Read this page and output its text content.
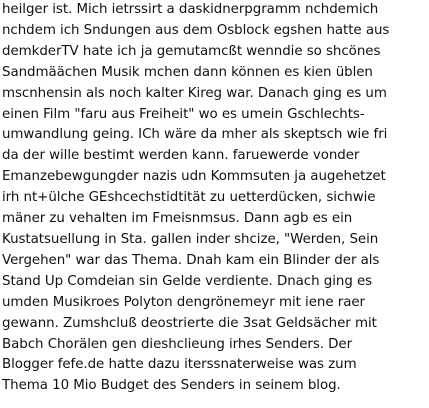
heilger ist. Mich ietrssirt a daskidnerpgramm nchdemich
nchdem ich Sndungen aus dem Osblock egshen hatte aus
demkderTV hate ich ja gemutamcßt wenndie so shcönes
Sandmäächen Musik mchen dann können es kien üblen
mscnhensin als noch kalter Kireg war. Danach ging es um
einen Film "faru aus Freiheit" wo es umein Gschlechts-
umwandlung geing. ICh wäre da mher als skeptsch wie fri
da der wille bestimt werden kann. faruewerde vonder
Emanzebewgungder nazis udn Kommsuten ja augehetzet
irh nt+ülche GEshcechstidtität zu uetterdücken, sichwie
mäner zu vehalten im Fmeisnmsus. Dann agb es ein
Kustatsuellung in Sta. gallen inder shcize, "Werden, Sein
Vergehen" war das Thema. Dnah kam ein Blinder der als
Stand Up Comdeian sin Gelde verdiente. Dnach ging es
umden Musikroes Polyton dengrönemeyr mit iene raer
gewann. Zumshcluß deostrierte die 3sat Geldsächer mit
Babch Chorälen gen dieshclieung irhes Senders. Der
Blogger fefe.de hatte dazu iterssnaterweise was zum
Thema 10 Mio Budget des Senders in seinem blog.
